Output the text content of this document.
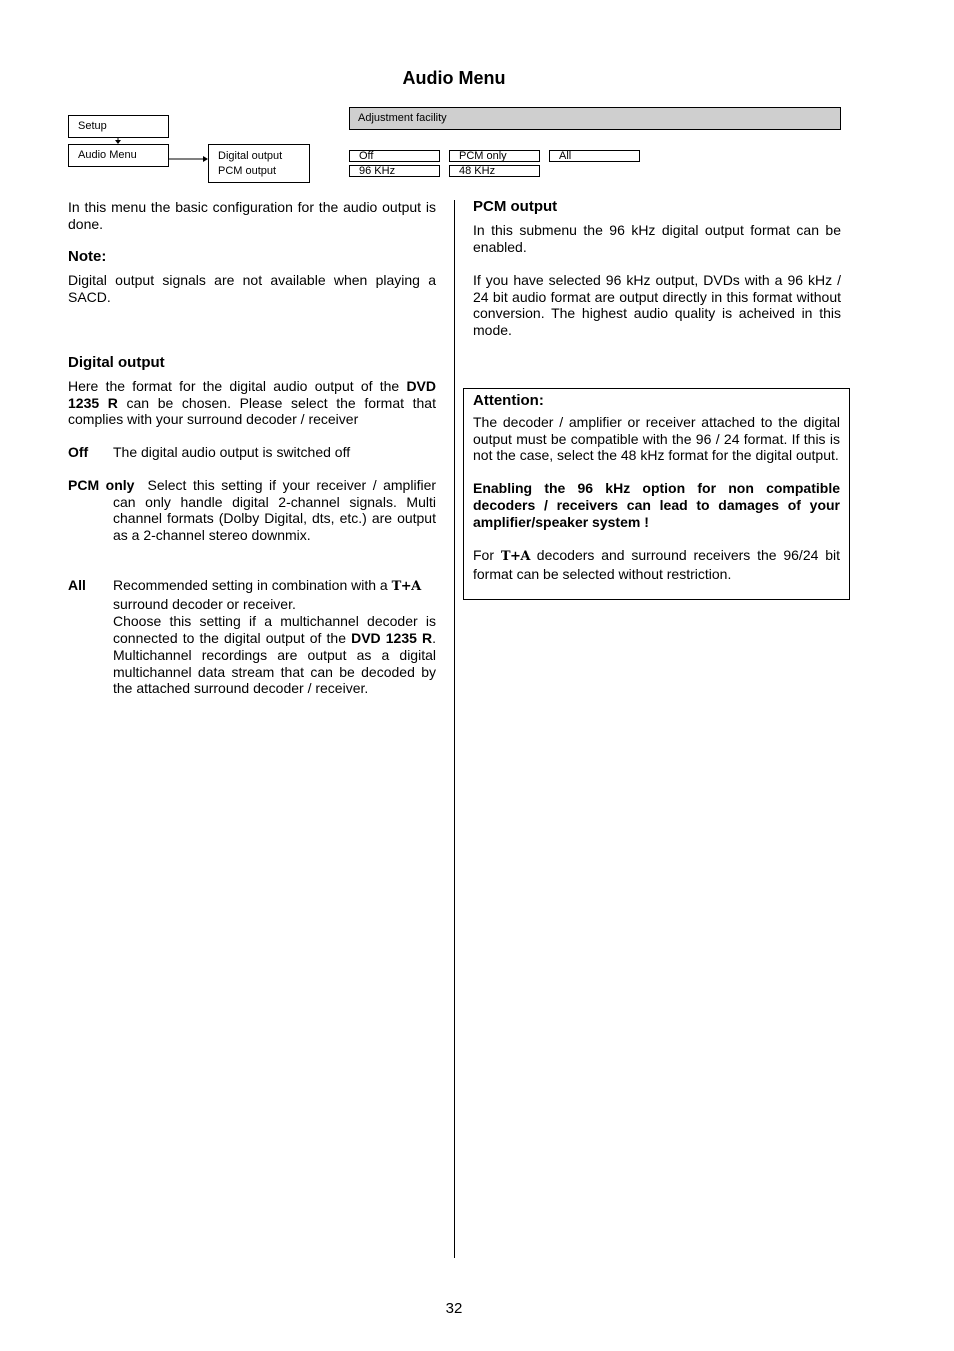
Audio Menu
Setup
Audio Menu	Digital output
PCM output
Adjustment facility
Off	PCM only	All
96 KHz	48 KHz
In this menu the basic configuration for the audio output is done.
Note:
Digital output signals are not available when playing a SACD.
Digital output
Here the format for the digital audio output of the DVD 1235 R can be chosen. Please select the format that complies with your surround decoder / receiver
Off	The digital audio output is switched off
PCM only Select this setting if your receiver / amplifier can only handle digital 2-channel signals. Multi channel formats (Dolby Digital, dts, etc.) are output as a 2-channel stereo downmix.
All	Recommended setting in combination with a T+A surround decoder or receiver.

Choose this setting if a multichannel decoder is connected to the digital output of the DVD 1235 R. Multichannel recordings are output as a digital multichannel data stream that can be decoded by the attached surround decoder / receiver.

PCM output
In this submenu the 96 kHz digital output format can be enabled.
If you have selected 96 kHz output, DVDs with a 96 kHz / 24 bit audio format are output directly in this format without conversion. The highest audio quality is acheived in this mode.
Attention:

The decoder / amplifier or receiver attached to the digital output must be compatible with the 96 / 24 format. If this is not the case, select the 48 kHz format for the digital output.

Enabling the 96 kHz option for non compatible decoders / receivers can lead to damages of your amplifier/speaker system !

For T+A decoders and surround receivers the 96/24 bit format can be selected without restriction.

32
